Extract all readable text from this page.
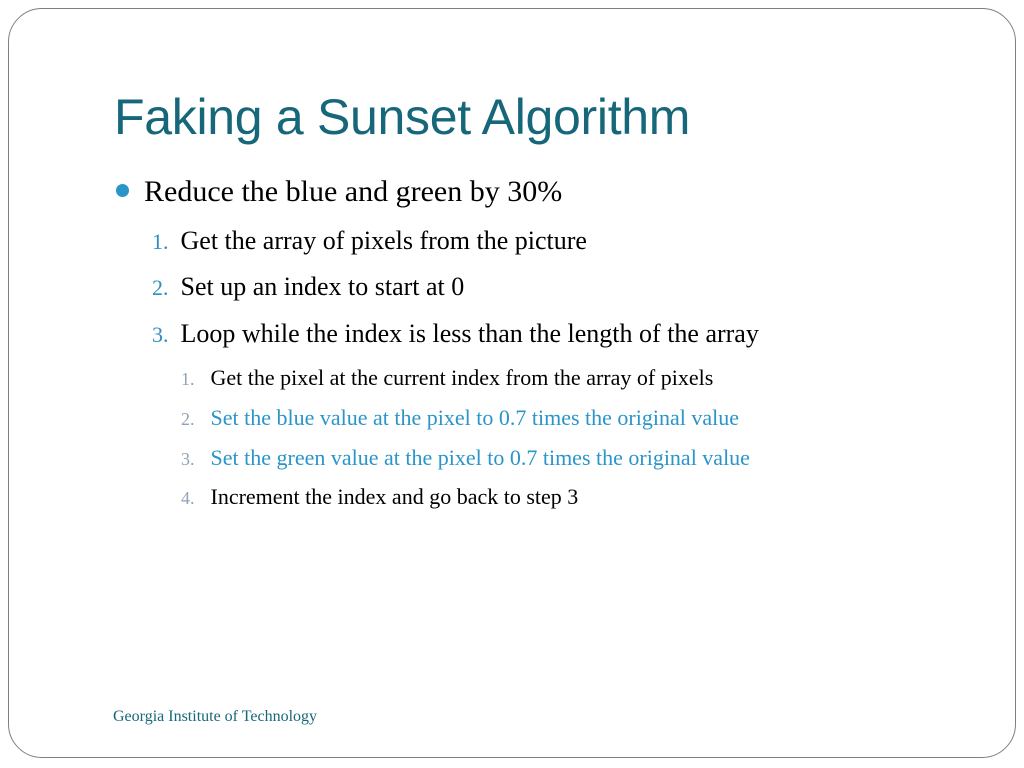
Faking a Sunset Algorithm
Reduce the blue and green by 30%
1. Get the array of pixels from the picture
2. Set up an index to start at 0
3. Loop while the index is less than the length of the array
1. Get the pixel at the current index from the array of pixels
2. Set the blue value at the pixel to 0.7 times the original value
3. Set the green value at the pixel to 0.7 times the original value
4. Increment the index and go back to step 3
Georgia Institute of Technology
